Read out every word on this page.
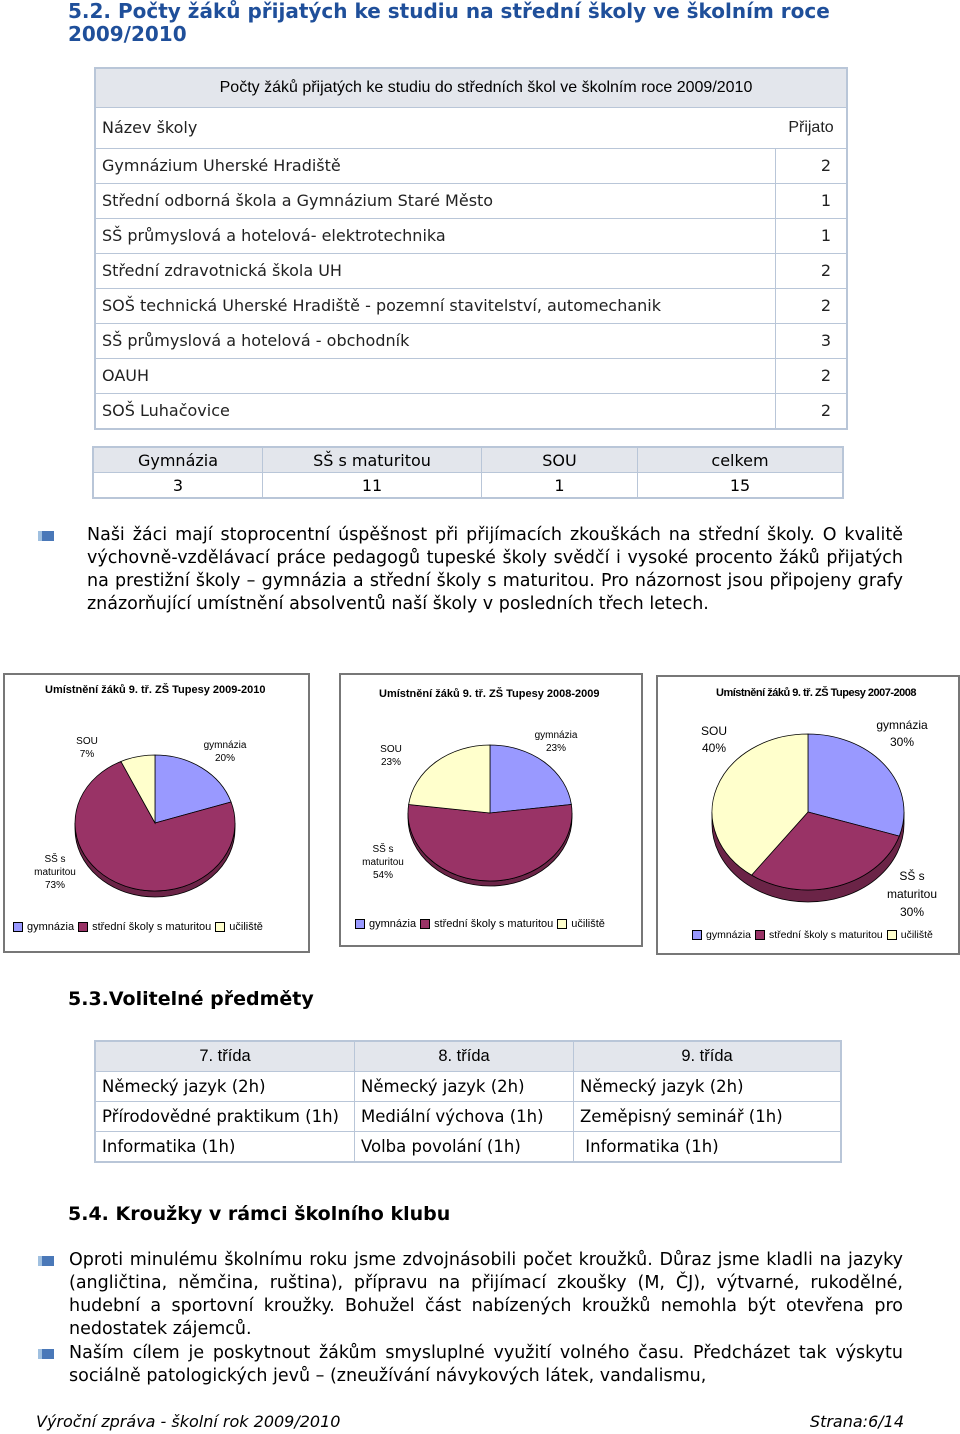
5.2. Počty žáků přijatých ke studiu na střední školy ve školním roce
2009/2010
Počty žáků přijatých ke studiu do středních škol ve školním roce 2009/2010
Název školy	Přijato
Gymnázium Uherské Hradiště	2
Střední odborná škola a Gymnázium Staré Město	1
SŠ průmyslová a hotelová- elektrotechnika	1
Střední zdravotnická škola UH	2
SOŠ technická Uherské Hradiště - pozemní stavitelství, automechanik	2
SŠ průmyslová a hotelová - obchodník	3
OAUH	2
SOŠ Luhačovice	2
Gymnázia	SŠ s maturitou	SOU	celkem
3	11	1	15
Naši žáci mají stoprocentní úspěšnost při přijímacích zkouškách na střední školy. O kvalitě výchovně-vzdělávací práce pedagogů tupeské školy svědčí i vysoké procento žáků přijatých na prestižní školy – gymnázia a střední školy s maturitou. Pro názornost jsou připojeny grafy znázorňující umístnění absolventů naší školy v posledních třech letech.
Umístnění žáků 9. tř. ZŠ Tupesy 2009-2010
SOU
7%
gymnázia
20%
SŠ s maturitou
73%
gymnázia střední školy s maturitou učiliště
Umístnění žáků 9. tř. ZŠ Tupesy 2008-2009
SOU
23%
gymnázia
23%
SŠ s maturitou
54%
gymnázia střední školy s maturitou učiliště
Umístnění žáků 9. tř. ZŠ Tupesy 2007-2008
SOU
40%
gymnázia
30%
SŠ s maturitou
30%
gymnázia střední školy s maturitou učiliště
5.3.Volitelné předměty
7. třída	8. třída	9. třída
Německý jazyk (2h)	Německý jazyk (2h)	Německý jazyk (2h)
Přírodovědné praktikum (1h)	Mediální výchova (1h)	Zeměpisný seminář (1h)
Informatika (1h)	Volba povolání (1h)	Informatika (1h)
5.4. Kroužky v rámci školního klubu
Oproti minulému školnímu roku jsme zdvojnásobili počet kroužků. Důraz jsme kladli na jazyky (angličtina, němčina, ruština), přípravu na přijímací zkoušky (M, ČJ), výtvarné, rukodělné, hudební a sportovní kroužky. Bohužel část nabízených kroužků nemohla být otevřena pro nedostatek zájemců.
Naším cílem je poskytnout žákům smysluplné využití volného času. Předcházet tak výskytu sociálně patologických jevů – (zneužívání návykových látek, vandalismu,
Výroční zpráva - školní rok 2009/2010	Strana:6/14
